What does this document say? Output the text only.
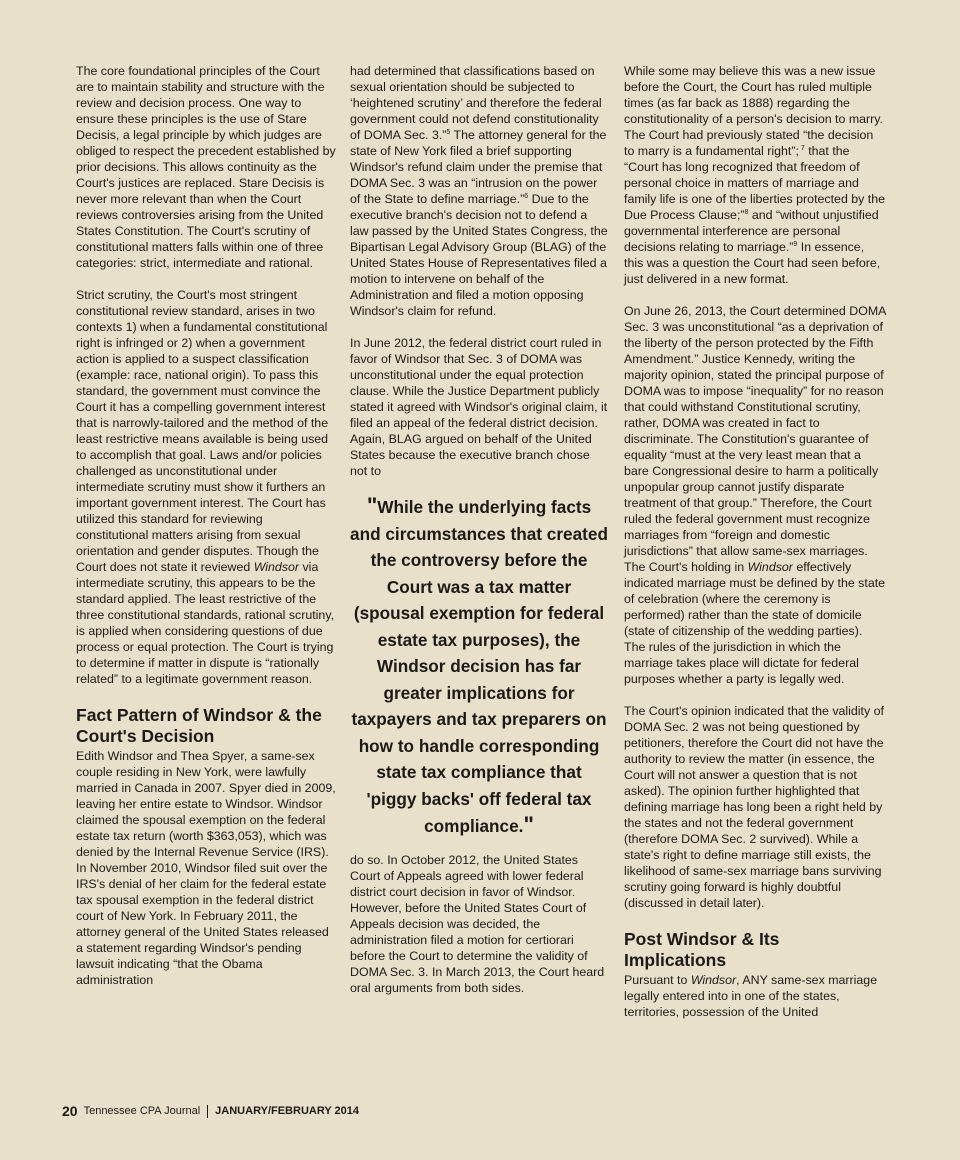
The core foundational principles of the Court are to maintain stability and structure with the review and decision process. One way to ensure these principles is the use of Stare Decisis, a legal principle by which judges are obliged to respect the precedent established by prior decisions. This allows continuity as the Court's justices are replaced. Stare Decisis is never more relevant than when the Court reviews controversies arising from the United States Constitution. The Court's scrutiny of constitutional matters falls within one of three categories: strict, intermediate and rational.

Strict scrutiny, the Court's most stringent constitutional review standard, arises in two contexts 1) when a fundamental constitutional right is infringed or 2) when a government action is applied to a suspect classification (example: race, national origin). To pass this standard, the government must convince the Court it has a compelling government interest that is narrowly-tailored and the method of the least restrictive means available is being used to accomplish that goal. Laws and/or policies challenged as unconstitutional under intermediate scrutiny must show it furthers an important government interest. The Court has utilized this standard for reviewing constitutional matters arising from sexual orientation and gender disputes. Though the Court does not state it reviewed Windsor via intermediate scrutiny, this appears to be the standard applied. The least restrictive of the three constitutional standards, rational scrutiny, is applied when considering questions of due process or equal protection. The Court is trying to determine if matter in dispute is “rationally related” to a legitimate government reason.

Fact Pattern of Windsor & the Court's Decision

Edith Windsor and Thea Spyer, a same-sex couple residing in New York, were lawfully married in Canada in 2007. Spyer died in 2009, leaving her entire estate to Windsor. Windsor claimed the spousal exemption on the federal estate tax return (worth $363,053), which was denied by the Internal Revenue Service (IRS). In November 2010, Windsor filed suit over the IRS's denial of her claim for the federal estate tax spousal exemption in the federal district court of New York. In February 2011, the attorney general of the United States released a statement regarding Windsor's pending lawsuit indicating “that the Obama administration

had determined that classifications based on sexual orientation should be subjected to ‘heightened scrutiny’ and therefore the federal government could not defend constitutionality of DOMA Sec. 3.”$^5$ The attorney general for the state of New York filed a brief supporting Windsor's refund claim under the premise that DOMA Sec. 3 was an “intrusion on the power of the State to define marriage.”$^6$ Due to the executive branch's decision not to defend a law passed by the United States Congress, the Bipartisan Legal Advisory Group (BLAG) of the United States House of Representatives filed a motion to intervene on behalf of the Administration and filed a motion opposing Windsor's claim for refund.

In June 2012, the federal district court ruled in favor of Windsor that Sec. 3 of DOMA was unconstitutional under the equal protection clause. While the Justice Department publicly stated it agreed with Windsor's original claim, it filed an appeal of the federal district decision. Again, BLAG argued on behalf of the United States because the executive branch chose not to

"While the underlying facts and circumstances that created the controversy before the Court was a tax matter (spousal exemption for federal estate tax purposes), the Windsor decision has far greater implications for taxpayers and tax preparers on how to handle corresponding state tax compliance that 'piggy backs' off federal tax compliance."

do so. In October 2012, the United States Court of Appeals agreed with lower federal district court decision in favor of Windsor. However, before the United States Court of Appeals decision was decided, the administration filed a motion for certiorari before the Court to determine the validity of DOMA Sec. 3. In March 2013, the Court heard oral arguments from both sides.

While some may believe this was a new issue before the Court, the Court has ruled multiple times (as far back as 1888) regarding the constitutionality of a person's decision to marry. The Court had previously stated “the decision to marry is a fundamental right”; $^7$ that the “Court has long recognized that freedom of personal choice in matters of marriage and family life is one of the liberties protected by the Due Process Clause;”$^8$ and “without unjustified governmental interference are personal decisions relating to marriage.”$^9$ In essence, this was a question the Court had seen before, just delivered in a new format.

On June 26, 2013, the Court determined DOMA Sec. 3 was unconstitutional “as a deprivation of the liberty of the person protected by the Fifth Amendment.” Justice Kennedy, writing the majority opinion, stated the principal purpose of DOMA was to impose “inequality” for no reason that could withstand Constitutional scrutiny, rather, DOMA was created in fact to discriminate. The Constitution's guarantee of equality “must at the very least mean that a bare Congressional desire to harm a politically unpopular group cannot justify disparate treatment of that group.” Therefore, the Court ruled the federal government must recognize marriages from “foreign and domestic jurisdictions” that allow same-sex marriages. The Court's holding in Windsor effectively indicated marriage must be defined by the state of celebration (where the ceremony is performed) rather than the state of domicile (state of citizenship of the wedding parties). The rules of the jurisdiction in which the marriage takes place will dictate for federal purposes whether a party is legally wed.

The Court's opinion indicated that the validity of DOMA Sec. 2 was not being questioned by petitioners, therefore the Court did not have the authority to review the matter (in essence, the Court will not answer a question that is not asked). The opinion further highlighted that defining marriage has long been a right held by the states and not the federal government (therefore DOMA Sec. 2 survived). While a state's right to define marriage still exists, the likelihood of same-sex marriage bans surviving scrutiny going forward is highly doubtful (discussed in detail later).

Post Windsor & Its Implications

Pursuant to Windsor, ANY same-sex marriage legally entered into in one of the states, territories, possession of the United

20 Tennessee CPA Journal JANUARY/FEBRUARY 2014
